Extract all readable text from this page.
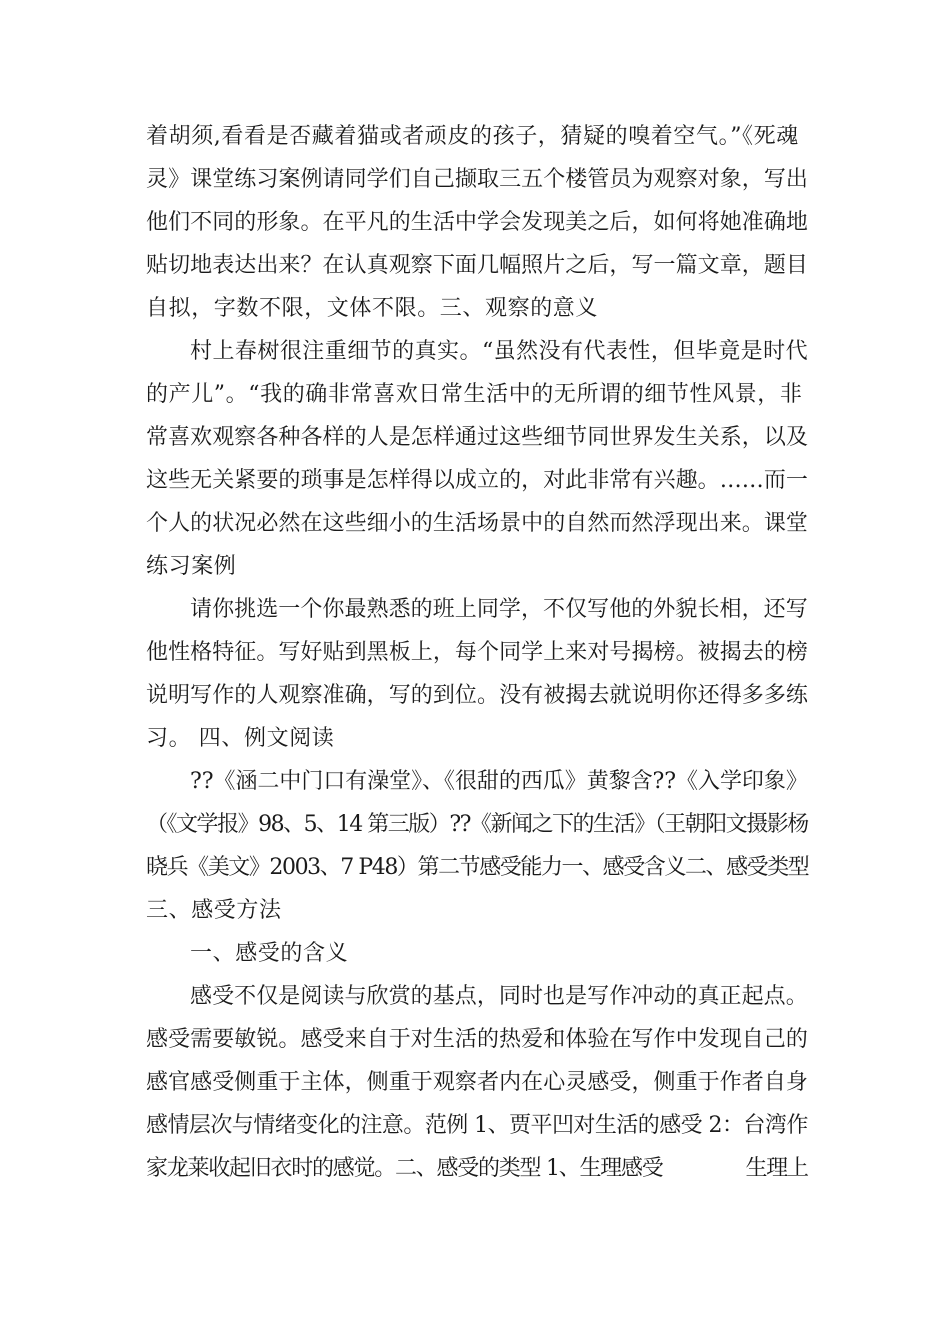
着胡须,看看是否藏着猫或者顽皮的孩子，猜疑的嗅着空气。”《死魂
灵》课堂练习案例请同学们自己撷取三五个楼管员为观察对象，写出
他们不同的形象。在平凡的生活中学会发现美之后，如何将她准确地
贴切地表达出来？在认真观察下面几幅照片之后，写一篇文章，题目
自拟，字数不限，文体不限。三、观察的意义
村上春树很注重细节的真实。“虽然没有代表性，但毕竟是时代
的产儿”。“我的确非常喜欢日常生活中的无所谓的细节性风景，非
常喜欢观察各种各样的人是怎样通过这些细节同世界发生关系，以及
这些无关紧要的琐事是怎样得以成立的，对此非常有兴趣。……而一
个人的状况必然在这些细小的生活场景中的自然而然浮现出来。课堂
练习案例
请你挑选一个你最熟悉的班上同学，不仅写他的外貌长相，还写
他性格特征。写好贴到黑板上，每个同学上来对号揭榜。被揭去的榜
说明写作的人观察准确，写的到位。没有被揭去就说明你还得多多练
习。 四、例文阅读
??《涵二中门口有澡堂》、《很甜的西瓜》黄黎含??《入学印象》
（《文学报》98、5、14 第三版）??《新闻之下的生活》（王朝阳文摄影杨
晓兵《美文》2003、7 P48）第二节感受能力一、感受含义二、感受类型
三、感受方法
一、感受的含义
感受不仅是阅读与欣赏的基点，同时也是写作冲动的真正起点。
感受需要敏锐。感受来自于对生活的热爱和体验在写作中发现自己的
感官感受侧重于主体，侧重于观察者内在心灵感受，侧重于作者自身
感情层次与情绪变化的注意。范例 1、贾平凹对生活的感受 2：台湾作
家龙莱收起旧衣时的感觉。二、感受的类型 1、生理感受　　　　生理上
